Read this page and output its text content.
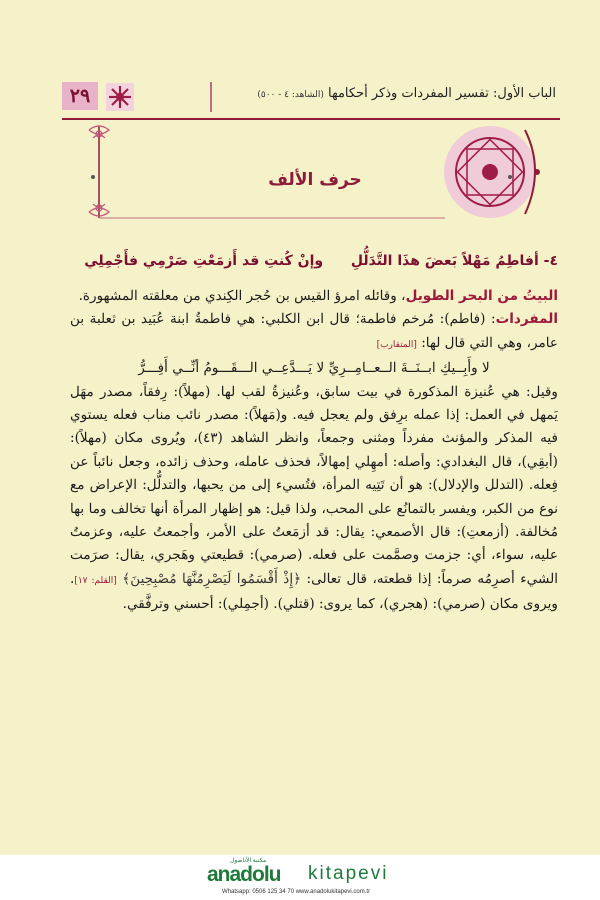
٢٩	الباب الأول: تفسير المفردات وذكر أحكامها (الشاهد: ٤ - ٥٠٠)
حرف الألف
٤- أفاطِمُ مَهْلاً بَعضَ هذَا التَّدَلُّلِ  وإنْ كُنتِ قد أَزمَعْتِ صَرْمِي فأَجْمِلِي

البيتُ من البحر الطويل، وقائله امرؤ القيس بن حُجر الكِندي من معلقته المشهورة.

المفردات: (فاطم): مُرخم فاطمة؛ قال ابن الكلبي: هي فاطمةُ ابنة عُبَيد بن ثعلبة بن عامر، وهي التي قال لها: [المتقارب]

لا وأَبِــيكِ ابــنَــةَ الــعــامِــرِيِّ لا يَـــدَّعِــي الـــقَـــومُ أنِّــي أَفِـــرُّ

وقيل: هي عُنيزة المذكورة في بيت سابق، وعُنيزةُ لقب لها. (مهلاً): رِفقاً، مصدر مهَل يَمهل في العمل: إذا عمله برِفق ولم يعجل فيه. و(مَهلاً): مصدر نائب مناب فعله يستوي فيه المذكر والمؤنث مفرداً ومثنى وجمعاً، وانظر الشاهد (٤٣)، ويُروى مكان (مهلاً): (أبقِي)، قال البغدادي: وأصله: أمهِلي إمهالاً، فحذف عامله، وحذف زائده، وجعل نائباً عن فِعله. (التدلل والإدلال): هو أن تَتِيه المرأة، فتُسيء إلى من يحبها، والتدلُّل: الإعراض مع نوع من الكبر، ويفسر بالتمانُع على المحب، ولذا قيل: هو إظهار المرأة أنها تخالف وما بها مُخالفة. (أزمعتِ): قال الأصمعي: يقال: قد أزمَعتُ على الأمر، وأجمعتُ عليه، وعزمتُ عليه، سواء، أي: جزمت وصمَّمت على فعله. (صرمي): قطيعتي وهَجري، يقال: صرَمت الشيء أصرِمُه صرماً: إذا قطعته، قال تعالى: ﴿إِذْ أَقْسَمُوا لَيَصْرِمُنَّهَا مُصْبِحِينَ﴾ [القلم: ١٧]. ويروى مكان (صرمي): (هجري)، كما يروى: (قتلي). (أجمِلي): أحسني وترفَّقي.

مكتبة الأناضول
anadolu kitapevi
Whatsapp: 0506 125 34 70 www.anadolukitapevi.com.tr
